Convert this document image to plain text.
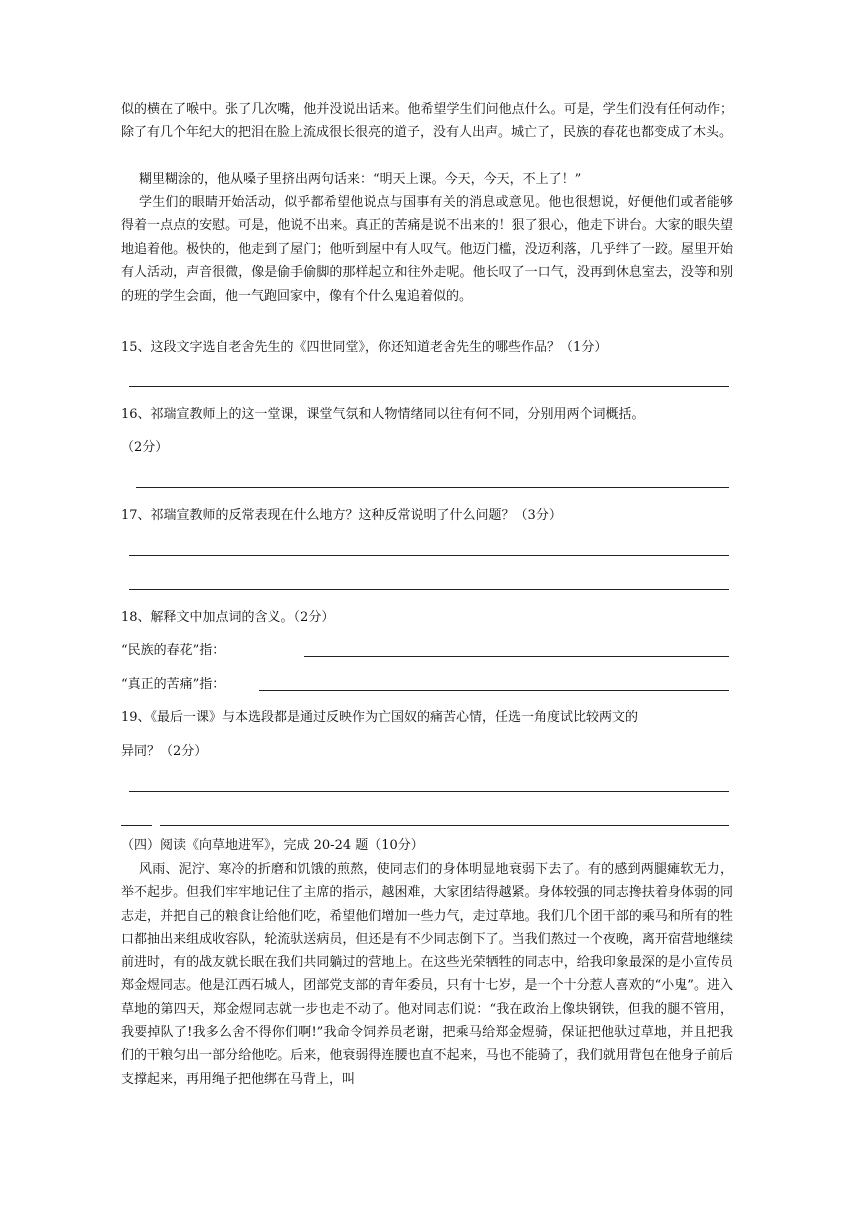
似的横在了喉中。张了几次嘴，他并没说出话来。他希望学生们问他点什么。可是，学生们没有任何动作；除了有几个年纪大的把泪在脸上流成很长很亮的道子，没有人出声。城亡了，民族的春花也都变成了木头。
糊里糊涂的，他从嗓子里挤出两句话来：“明天上课。今天，今天，不上了！”
学生们的眼睛开始活动，似乎都希望他说点与国事有关的消息或意见。他也很想说，好便他们或者能够得着一点点的安慰。可是，他说不出来。真正的苦痛是说不出来的！狠了狠心，他走下讲台。大家的眼失望地追着他。极快的，他走到了屋门；他听到屋中有人叹气。他迈门槛，没迈利落，几乎绊了一跤。屋里开始有人活动，声音很微，像是偷手偷脚的那样起立和往外走呢。他长叹了一口气，没再到休息室去，没等和别的班的学生会面，他一气跑回家中，像有个什么鬼追着似的。
15、这段文字选自老舍先生的《四世同堂》，你还知道老舍先生的哪些作品？（1分）
16、祁瑞宣教师上的这一堂课，课堂气氛和人物情绪同以往有何不同，分别用两个词概括。
（2分）
17、祁瑞宣教师的反常表现在什么地方？这种反常说明了什么问题？（3分）
18、解释文中加点词的含义。（2分）
“民族的春花”指：
“真正的苦痛”指：
19、《最后一课》与本选段都是通过反映作为亡国奴的痛苦心情，任选一角度试比较两文的
异同？（2分）
（四）阅读《向草地进军》，完成 20-24 题（10分）
风雨、泥泞、寒冷的折磨和饥饿的煎熬，使同志们的身体明显地衰弱下去了。有的感到两腿瘫软无力，举不起步。但我们牢牢地记住了主席的指示，越困难，大家团结得越紧。身体较强的同志搀扶着身体弱的同志走，并把自己的粮食让给他们吃，希望他们增加一些力气，走过草地。我们几个团干部的乘马和所有的牲口都抽出来组成收容队，轮流驮送病员，但还是有不少同志倒下了。当我们熬过一个夜晚，离开宿营地继续前进时，有的战友就长眠在我们共同躺过的营地上。在这些光荣牺牲的同志中，给我印象最深的是小宣传员郑金煜同志。他是江西石城人，团部党支部的青年委员，只有十七岁，是一个十分惹人喜欢的“小鬼”。进入草地的第四天，郑金煜同志就一步也走不动了。他对同志们说：“我在政治上像块钢铁，但我的腿不管用，我要掉队了!我多么舍不得你们啊!”我命令饲养员老谢，把乘马给郑金煜骑，保证把他驮过草地，并且把我们的干粮匀出一部分给他吃。后来，他衰弱得连腰也直不起来，马也不能骑了，我们就用背包在他身子前后支撑起来，再用绳子把他绑在马背上，叫
